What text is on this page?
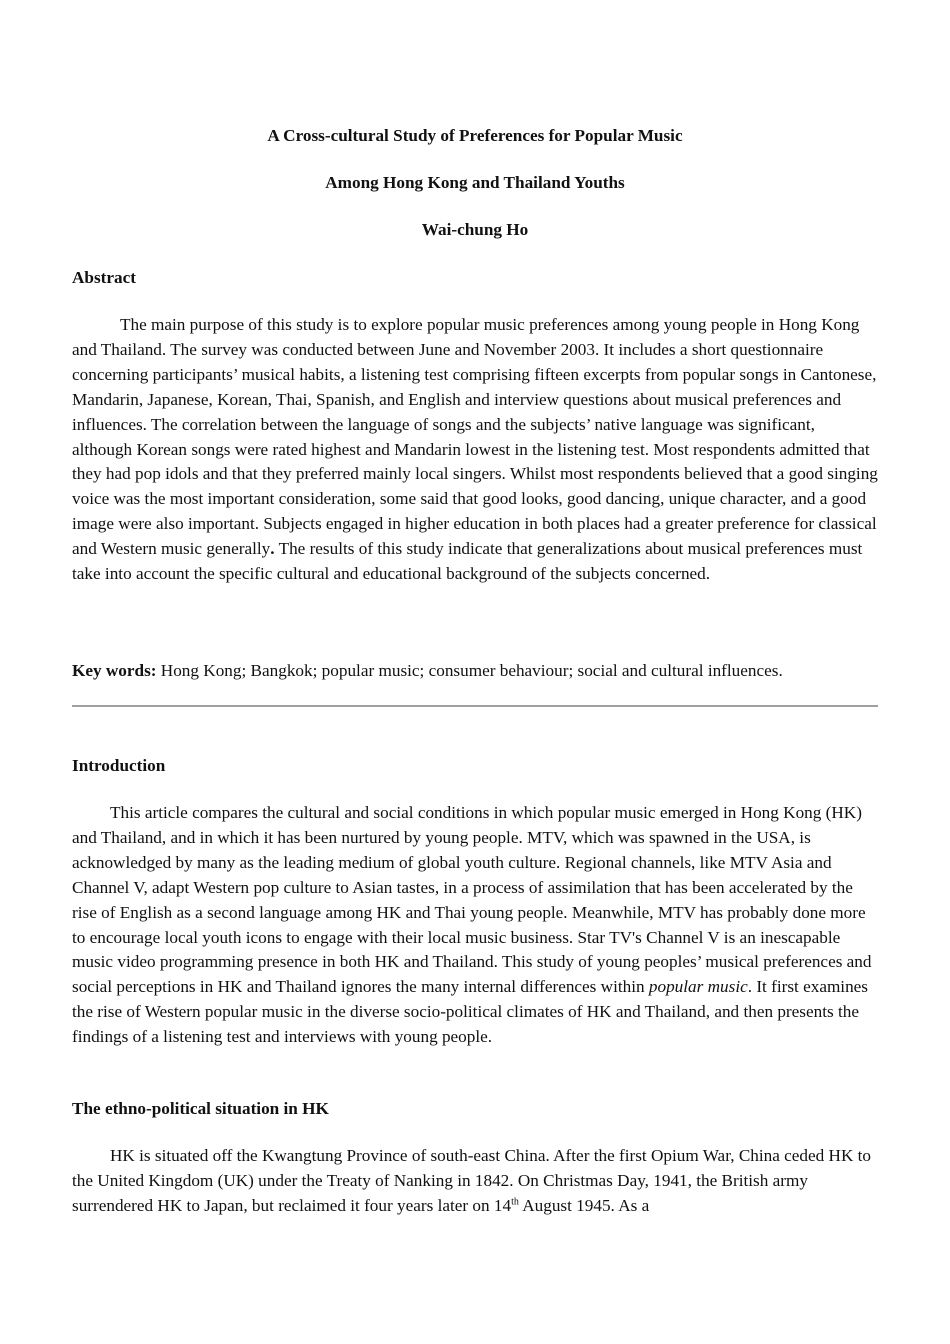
A Cross-cultural Study of Preferences for Popular Music
Among Hong Kong and Thailand Youths
Wai-chung Ho
Abstract

The main purpose of this study is to explore popular music preferences among young people in Hong Kong and Thailand. The survey was conducted between June and November 2003. It includes a short questionnaire concerning participants’ musical habits, a listening test comprising fifteen excerpts from popular songs in Cantonese, Mandarin, Japanese, Korean, Thai, Spanish, and English and interview questions about musical preferences and influences. The correlation between the language of songs and the subjects’ native language was significant, although Korean songs were rated highest and Mandarin lowest in the listening test. Most respondents admitted that they had pop idols and that they preferred mainly local singers. Whilst most respondents believed that a good singing voice was the most important consideration, some said that good looks, good dancing, unique character, and a good image were also important. Subjects engaged in higher education in both places had a greater preference for classical and Western music generally. The results of this study indicate that generalizations about musical preferences must take into account the specific cultural and educational background of the subjects concerned.

Key words: Hong Kong; Bangkok; popular music; consumer behaviour; social and cultural influences.

Introduction

This article compares the cultural and social conditions in which popular music emerged in Hong Kong (HK) and Thailand, and in which it has been nurtured by young people. MTV, which was spawned in the USA, is acknowledged by many as the leading medium of global youth culture. Regional channels, like MTV Asia and Channel V, adapt Western pop culture to Asian tastes, in a process of assimilation that has been accelerated by the rise of English as a second language among HK and Thai young people. Meanwhile, MTV has probably done more to encourage local youth icons to engage with their local music business. Star TV's Channel V is an inescapable music video programming presence in both HK and Thailand. This study of young peoples’ musical preferences and social perceptions in HK and Thailand ignores the many internal differences within popular music. It first examines the rise of Western popular music in the diverse socio-political climates of HK and Thailand, and then presents the findings of a listening test and interviews with young people.

The ethno-political situation in HK

HK is situated off the Kwangtung Province of south-east China. After the first Opium War, China ceded HK to the United Kingdom (UK) under the Treaty of Nanking in 1842. On Christmas Day, 1941, the British army surrendered HK to Japan, but reclaimed it four years later on 14th August 1945. As a
